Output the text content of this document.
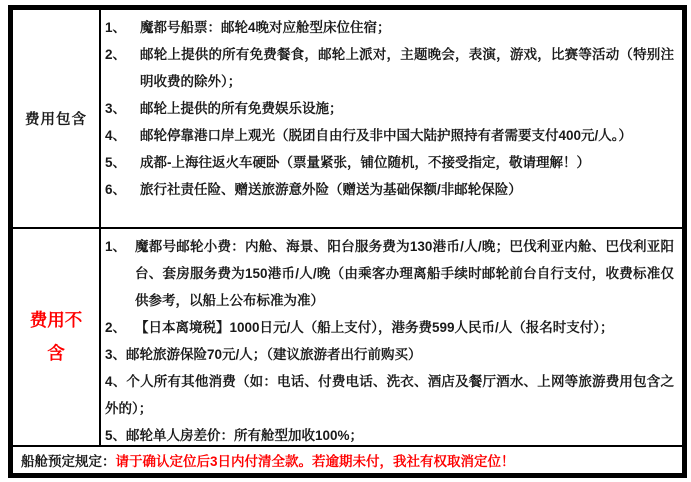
费用包含
1、 魔都号船票：邮轮4晚对应舱型床位住宿；
2、 邮轮上提供的所有免费餐食，邮轮上派对，主题晚会，表演，游戏，比赛等活动（特别注明收费的除外）；
3、 邮轮上提供的所有免费娱乐设施；
4、 邮轮停靠港口岸上观光（脱团自由行及非中国大陆护照持有者需要支付400元/人。）
5、 成都-上海往返火车硬卧（票量紧张，铺位随机，不接受指定，敬请理解！）
6、 旅行社责任险、赠送旅游意外险（赠送为基础保额/非邮轮保险）
费用不含
1、 魔都号邮轮小费：内舱、海景、阳台服务费为130港币/人/晚；巴伐利亚内舱、巴伐利亚阳台、套房服务费为150港币/人/晚（由乘客办理离船手续时邮轮前台自行支付，收费标准仅供参考，以船上公布标准为准）
2、 【日本离境税】1000日元/人（船上支付），港务费599人民币/人（报名时支付）；
3、邮轮旅游保险70元/人；（建议旅游者出行前购买）
4、个人所有其他消费（如：电话、付费电话、洗衣、酒店及餐厅酒水、上网等旅游费用包含之外的）；
5、邮轮单人房差价：所有舱型加收100%；
船舱预定规定： 请于确认定位后3日内付清全款。若逾期未付，我社有权取消定位！
